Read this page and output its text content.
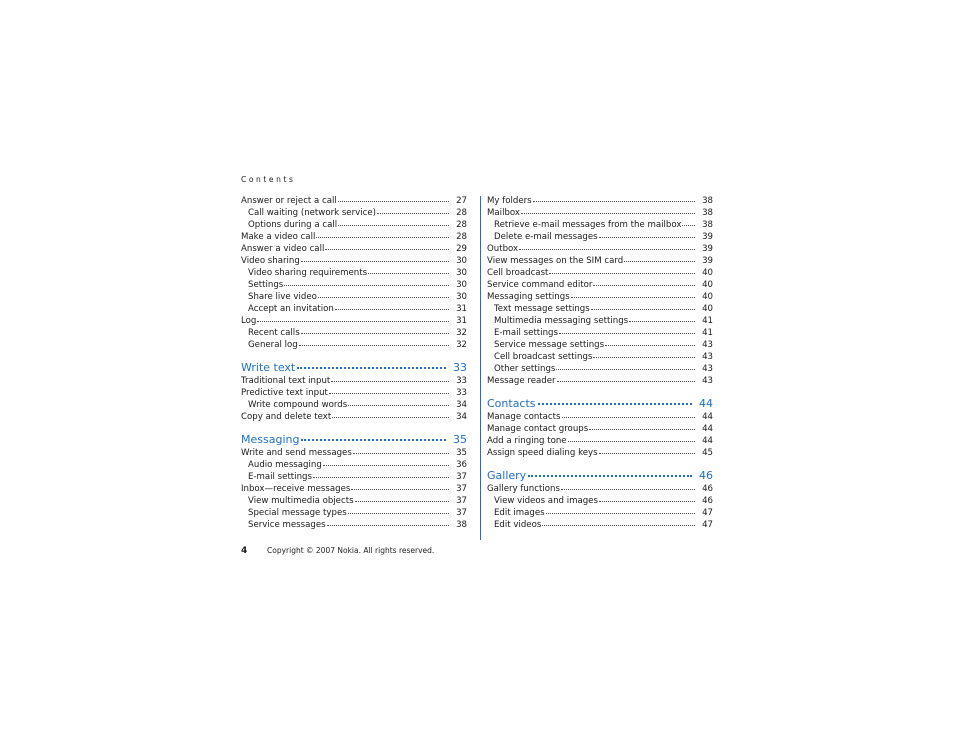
Contents
Answer or reject a call	27
Call waiting (network service)	28
Options during a call	28
Make a video call	28
Answer a video call	29
Video sharing	30
Video sharing requirements	30
Settings	30
Share live video	30
Accept an invitation	31
Log	31
Recent calls	32
General log	32
Write text	33
Traditional text input	33
Predictive text input	33
Write compound words	34
Copy and delete text	34
Messaging	35
Write and send messages	35
Audio messaging	36
E-mail settings	37
Inbox—receive messages	37
View multimedia objects	37
Special message types	37
Service messages	38
My folders	38
Mailbox	38
Retrieve e-mail messages from the mailbox	38
Delete e-mail messages	39
Outbox	39
View messages on the SIM card	39
Cell broadcast	40
Service command editor	40
Messaging settings	40
Text message settings	40
Multimedia messaging settings	41
E-mail settings	41
Service message settings	43
Cell broadcast settings	43
Other settings	43
Message reader	43
Contacts	44
Manage contacts	44
Manage contact groups	44
Add a ringing tone	44
Assign speed dialing keys	45
Gallery	46
Gallery functions	46
View videos and images	46
Edit images	47
Edit videos	47
4	Copyright © 2007 Nokia. All rights reserved.
